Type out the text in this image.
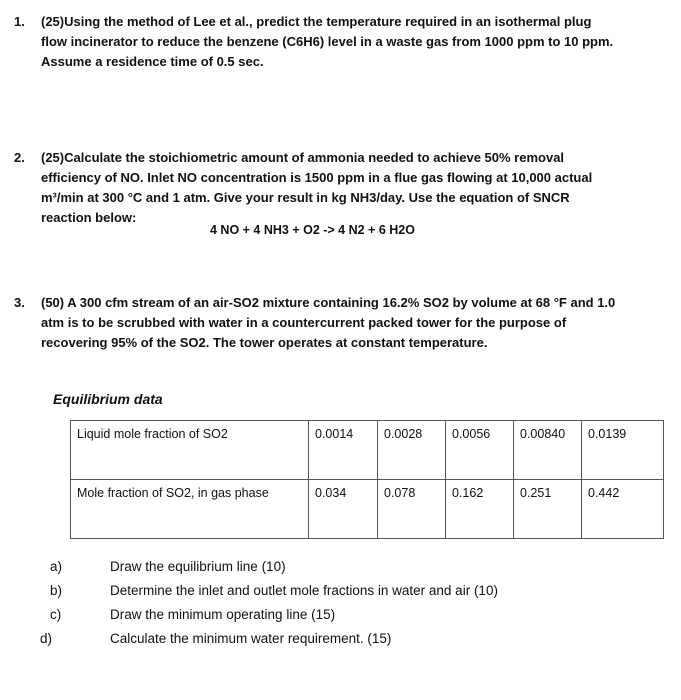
1.	(25)Using the method of Lee et al., predict the temperature required in an isothermal plug

flow incinerator to reduce the benzene (C6H6) level in a waste gas from 1000 ppm to 10 ppm.

Assume a residence time of 0.5 sec.

2.	(25)Calculate the stoichiometric amount of ammonia needed to achieve 50% removal

efficiency of NO. Inlet NO concentration is 1500 ppm in a flue gas flowing at 10,000 actual

m³/min at 300 °C and 1 atm. Give your result in kg NH3/day. Use the equation of SNCR

reaction below:

4 NO + 4 NH3 + O2 -> 4 N2 + 6 H2O

3.	(50) A 300 cfm stream of an air-SO2 mixture containing 16.2% SO2 by volume at 68 °F and 1.0

atm is to be scrubbed with water in a countercurrent packed tower for the purpose of

recovering 95% of the SO2. The tower operates at constant temperature.

Equilibrium data
Liquid mole fraction of SO2	0.0014	0.0028	0.0056	0.00840	0.0139
Mole fraction of SO2, in gas phase	0.034	0.078	0.162	0.251	0.442
a)	Draw the equilibrium line (10)
b)	Determine the inlet and outlet mole fractions in water and air (10)
c)	Draw the minimum operating line (15)
d)	Calculate the minimum water requirement. (15)
